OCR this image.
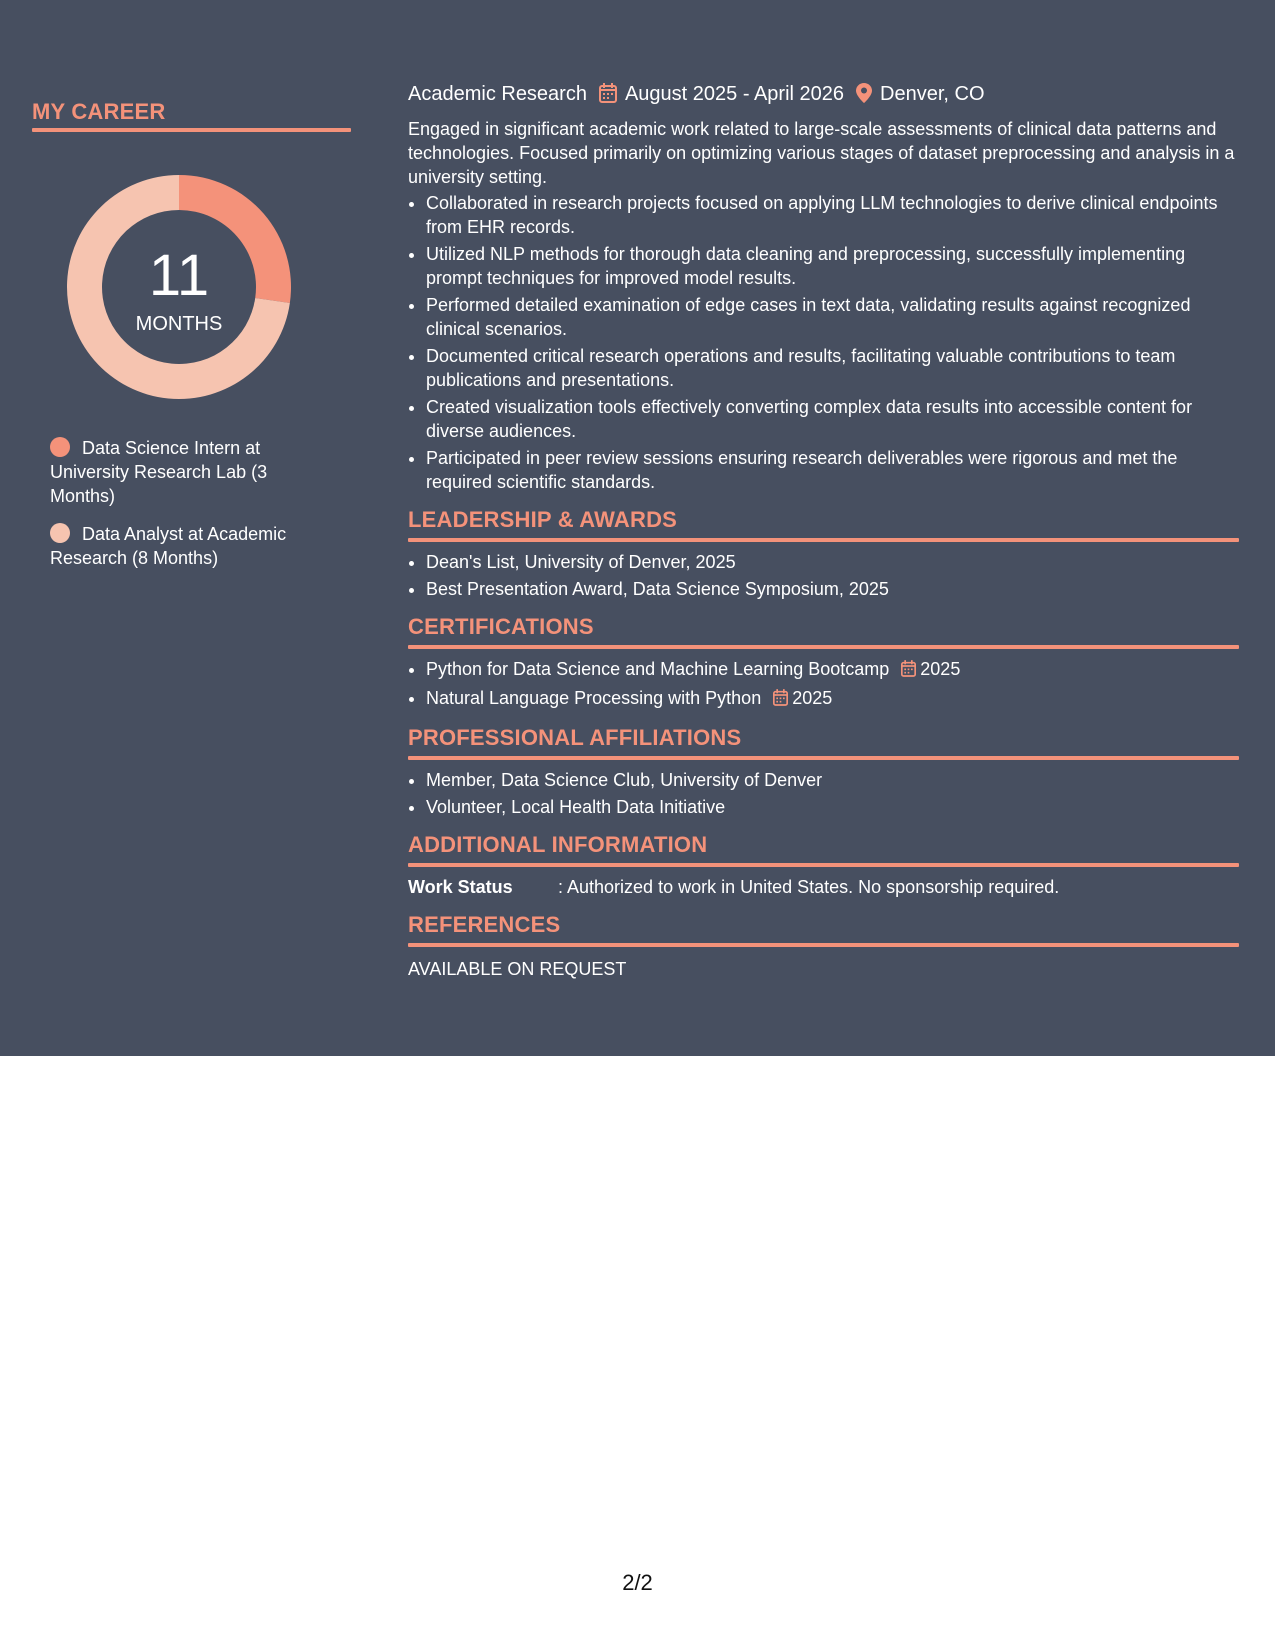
MY CAREER
11
MONTHS
Data Science Intern at University Research Lab (3 Months)
Data Analyst at Academic Research (8 Months)
Academic Research August 2025 - April 2026 Denver, CO
Engaged in significant academic work related to large-scale assessments of clinical data patterns and technologies. Focused primarily on optimizing various stages of dataset preprocessing and analysis in a university setting.
• Collaborated in research projects focused on applying LLM technologies to derive clinical endpoints from EHR records.
• Utilized NLP methods for thorough data cleaning and preprocessing, successfully implementing prompt techniques for improved model results.
• Performed detailed examination of edge cases in text data, validating results against recognized clinical scenarios.
• Documented critical research operations and results, facilitating valuable contributions to team publications and presentations.
• Created visualization tools effectively converting complex data results into accessible content for diverse audiences.
• Participated in peer review sessions ensuring research deliverables were rigorous and met the required scientific standards.
LEADERSHIP & AWARDS
• Dean's List, University of Denver, 2025
• Best Presentation Award, Data Science Symposium, 2025
CERTIFICATIONS
• Python for Data Science and Machine Learning Bootcamp 2025
• Natural Language Processing with Python 2025
PROFESSIONAL AFFILIATIONS
• Member, Data Science Club, University of Denver
• Volunteer, Local Health Data Initiative
ADDITIONAL INFORMATION
Work Status	: Authorized to work in United States. No sponsorship required.
REFERENCES
AVAILABLE ON REQUEST
2/2
